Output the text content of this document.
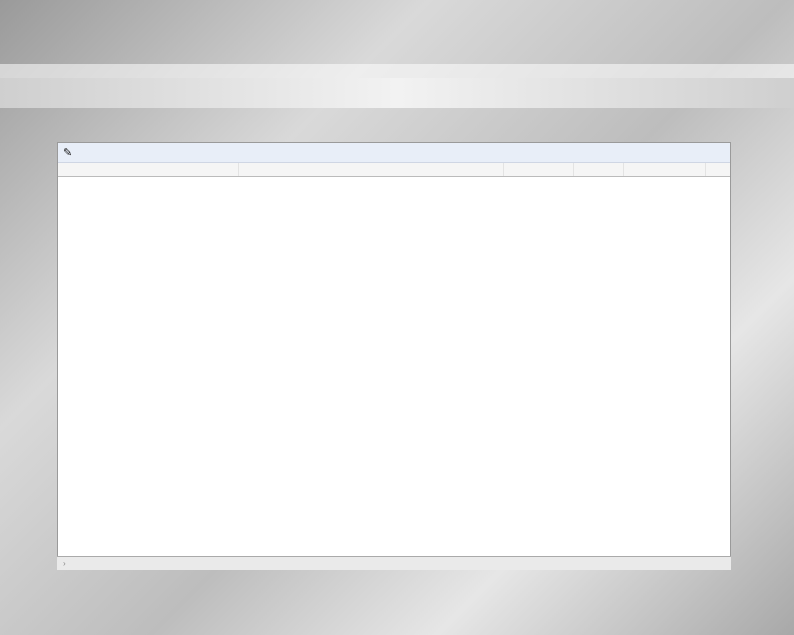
✎
›
